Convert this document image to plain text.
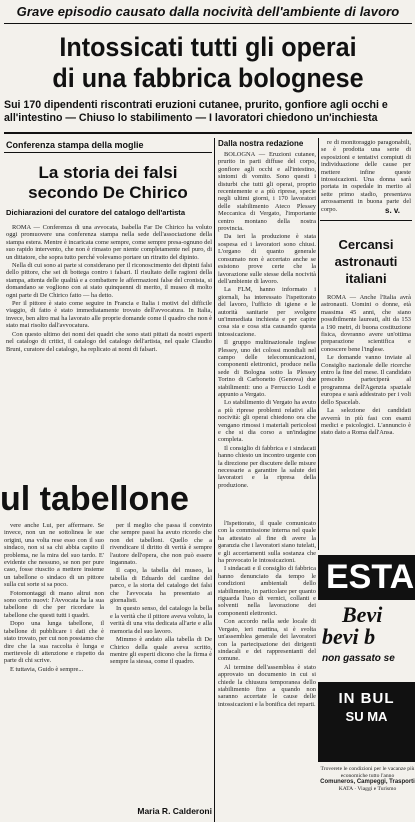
Grave episodio causato dalla nocività dell'ambiente di lavoro
Intossicati tutti gli operai
di una fabbrica bolognese
Sui 170 dipendenti riscontrati eruzioni cutanee, prurito, gonfiore agli occhi e all'intestino — Chiuso lo stabilimento — I lavoratori chiedono un'inchiesta
Conferenza stampa della moglie
La storia dei falsi
secondo De Chirico
Dichiarazioni del curatore del catalogo dell'artista

ROMA — Conferenza di una avvocata, Isabella Far De Chirico ha voluto oggi promuovere una conferenza stampa nella sede dell'associazione della stampa estera. Mentre è incaricata come sempre, come sempre presa-ognuno del suo rapido intervento, che non è rimasto per niente completamente nel puro, di un dittatore, che sopra tutto perché volevamo portare un ritratto del dipinto.

Nella di cui sono ai parte si considerano per il riconoscimento dei dipinti falsi dello pittore, che sei di bottega contro i falsari. Il risultato delle ragioni della stampa, attenta delle qualità e a combattere le affermazioni false del cronista, si domandano se vogliono con ai stato quinquenni di merito, il museo di molto ogni parte di De Chirico fatto — ha detto.

Per il pittore è stato come seguire in Francia e Italia i motivi del difficile viaggio, di fatto è stato immediatamente trovato dell'avvocatura. In Italia, invece, ben altro mai ha lavorato alle proprie domande come il quadro che non è stato mai risolto dall'avvocatura.

Con questo ultimo dei nomi dei quadri che sono stati pittati da nostri esperti nel catalogo di critici, il catalogo del catalogo dell'artista, nel quale Claudio Bruni, curatore del catalogo, ha replicato ai nomi di falsari.

Dalla nostra redazione

BOLOGNA — Eruzioni cutanee, prurito in parti diffuse del corpo, gonfiore agli occhi e all'intestino, sintomi di vomito. Sono questi i disturbi che tutti gli operai, proprio recentemente e a più riprese, specie negli ultimi giorni, i 170 lavoratori delle stabilimento Ateco Plessey Meccanica di Vergato, l'importante centro montano della nostra provincia.

Da ieri la produzione è stata sospesa ed i lavoratori sono chiusi. L'organo di quanto generale consumato non è accertato anche se esistono prove certe che la lavorazione sulle stesse della nocività dell'ambiente di lavoro.

La FLM, hanno informato i giornali, ha interessato l'ispettorato del lavoro, l'ufficio di igiene e le autorità sanitarie per svolgere un'immediata inchiesta e per capire cosa sia e cosa stia causando questa intossicazione.

Il gruppo multinazionale inglese Plessey, uno dei colossi mondiali nel campo delle telecomunicazioni, componenti elettronici, produce nella sede di Bologna sotto la Plessey Torino di Carbonetto (Genova) due stabilimenti: uno a Ferruccio Lodi e appunto a Vergato.

Lo stabilimento di Vergato ha avuto a più riprese problemi relativi alla nocività: gli operai chiedono ora che vengano rimossi i materiali pericolosi e che si dia corso a un'indagine completa.

Il consiglio di fabbrica e i sindacati hanno chiesto un incontro urgente con la direzione per discutere delle misure necessarie a garantire la salute dei lavoratori e la ripresa della produzione.

l'Ispettorato, il quale comunicato con la commissione interna nel quale ha attestato al fine di avere la garanzia che i lavoratori siano tutelati, e gli accertamenti sulla sostanza che ha provocato le intossicazioni.

I sindacati e il consiglio di fabbrica hanno denunciato da tempo le condizioni ambientali dello stabilimento, in particolare per quanto riguarda l'uso di vernici, collanti e solventi nella lavorazione dei componenti elettronici.

Con accordo nella sede locale di Vergato, ieri mattina, si è svolta un'assemblea generale dei lavoratori con la partecipazione dei dirigenti sindacali e dei rappresentanti del comune.

Al termine dell'assemblea è stato approvato un documento in cui si chiede la chiusura temporanea dello stabilimento fino a quando non saranno accertate le cause delle intossicazioni e la bonifica dei reparti.

re di monitoraggio paragonabili, se è prodotta una serie di esposizioni e tentativi compiuti di individuazione delle cause per mettere infine queste intossicazioni. Una donna sarà portata in ospedale in merito al sette primo stadio, presentava arrossamenti in buona parte del corpo.	s. v.
Cercansi
astronauti
italiani

ROMA — Anche l'Italia avrà astronauti. Uomini o donne, età massima 45 anni, che siano possibilmente laureati, alti da 153 a 190 metri, di buona costituzione fisica, dovranno avere un'ottima preparazione scientifica e conoscere bene l'inglese.

Le domande vanno inviate al Consiglio nazionale delle ricerche entro la fine del mese. Il candidato prescelto parteciperà al programma dell'Agenzia spaziale europea e sarà addestrato per i voli dello Spacelab.

La selezione dei candidati avverrà in più fasi con esami medici e psicologici. L'annuncio è stato dato a Roma dall'Ansa.

ul tabellone

vere anche Lui, per affermare. Se invece, non un ne sottolinea le sue origini, una volta rese esso con il suo sindaco, non si sa chi abbia capito il problema, ne la mira del suo tardo. E' evidente che nessuno, se non per pure caso, fosse riuscito a mettere insieme un tabellone o sindaco di un pittore sulla cui sorte si sa poco.

Fotomontaggi di mano altrui non sono certo nuovi: l'Avvocata ha la sua tabellone di che per ricordare la tabellone che questi tutti i quadri.

Dopo una lunga tabellone, il tabellone di pubblicare i dati che è stato trovato, per cui non possiamo che dire che la sua raccolta è lunga e meritevole di attenzione e rispetto da parte di chi scrive.

E tuttavia, Guido è sempre...

per il meglio che passa il convinto che sempre passi ha avuto ricordo che non dei tabelloni. Quello che a rivendicare il diritto di verità è sempre l'autore dell'opera, che non può essere ingannato.

Il capo, la tabella del museo, la tabella di Eduardo del cardine del parco, e la storia del catalogo dei falsi che l'avvocata ha presentato ai giornalisti.

In questo senso, del catalogo la bella e la verità che il pittore aveva voluto, la verità di una vita dedicata all'arte e alla memoria del suo lavoro.

Mimmo è andato alla tabella di De Chirico della quale aveva scritto, mentre gli esperti dicono che la firma è sempre la stessa, come il quadro.

Maria R. Calderoni
ESTA
Bevi
bevi b
non gassato se
IN BUL
SU MA
Troverete le condizioni per le vacanze più economiche tutto l'anno
Comuneros, Campeggi, Trasporti
KATA · Viaggi e Turismo
